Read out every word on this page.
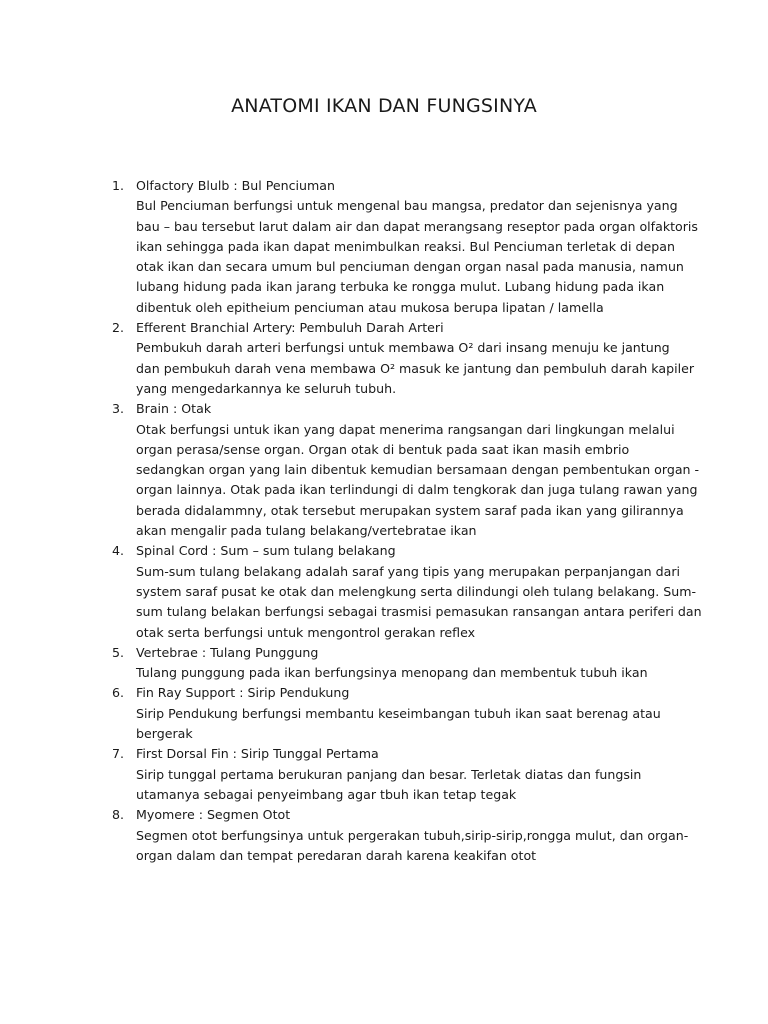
ANATOMI IKAN DAN FUNGSINYA
1. Olfactory Blulb : Bul Penciuman
Bul Penciuman berfungsi untuk mengenal bau mangsa, predator dan sejenisnya yang
bau – bau tersebut larut dalam air dan dapat merangsang reseptor pada organ olfaktoris
ikan sehingga pada ikan dapat menimbulkan reaksi. Bul Penciuman terletak di depan
otak ikan dan secara umum bul penciuman dengan organ nasal pada manusia, namun
lubang hidung pada ikan jarang terbuka ke rongga mulut. Lubang hidung pada ikan
dibentuk oleh epitheium penciuman atau mukosa berupa lipatan / lamella
2. Efferent Branchial Artery: Pembuluh Darah Arteri
Pembukuh darah arteri berfungsi untuk membawa O² dari insang menuju ke jantung
dan pembukuh darah vena membawa O² masuk ke jantung dan pembuluh darah kapiler
yang mengedarkannya ke seluruh tubuh.
3. Brain : Otak
Otak berfungsi untuk ikan yang dapat menerima rangsangan dari lingkungan melalui
organ perasa/sense organ. Organ otak di bentuk pada saat ikan masih embrio
sedangkan organ yang lain dibentuk kemudian bersamaan dengan pembentukan organ -
organ lainnya. Otak pada ikan terlindungi di dalm tengkorak dan juga tulang rawan yang
berada didalammny, otak tersebut merupakan system saraf pada ikan yang gilirannya
akan mengalir pada tulang belakang/vertebratae ikan
4. Spinal Cord : Sum – sum tulang belakang
Sum-sum tulang belakang adalah saraf yang tipis yang merupakan perpanjangan dari
system saraf pusat ke otak dan melengkung serta dilindungi oleh tulang belakang. Sum-
sum tulang belakan berfungsi sebagai trasmisi pemasukan ransangan antara periferi dan
otak serta berfungsi untuk mengontrol gerakan reflex
5. Vertebrae : Tulang Punggung
Tulang punggung pada ikan berfungsinya menopang dan membentuk tubuh ikan
6. Fin Ray Support : Sirip Pendukung
Sirip Pendukung berfungsi membantu keseimbangan tubuh ikan saat berenag atau
bergerak
7. First Dorsal Fin : Sirip Tunggal Pertama
Sirip tunggal pertama berukuran panjang dan besar. Terletak diatas dan fungsin
utamanya sebagai penyeimbang agar tbuh ikan tetap tegak
8. Myomere : Segmen Otot
Segmen otot berfungsinya untuk pergerakan tubuh,sirip-sirip,rongga mulut, dan organ-
organ dalam dan tempat peredaran darah karena keakifan otot
